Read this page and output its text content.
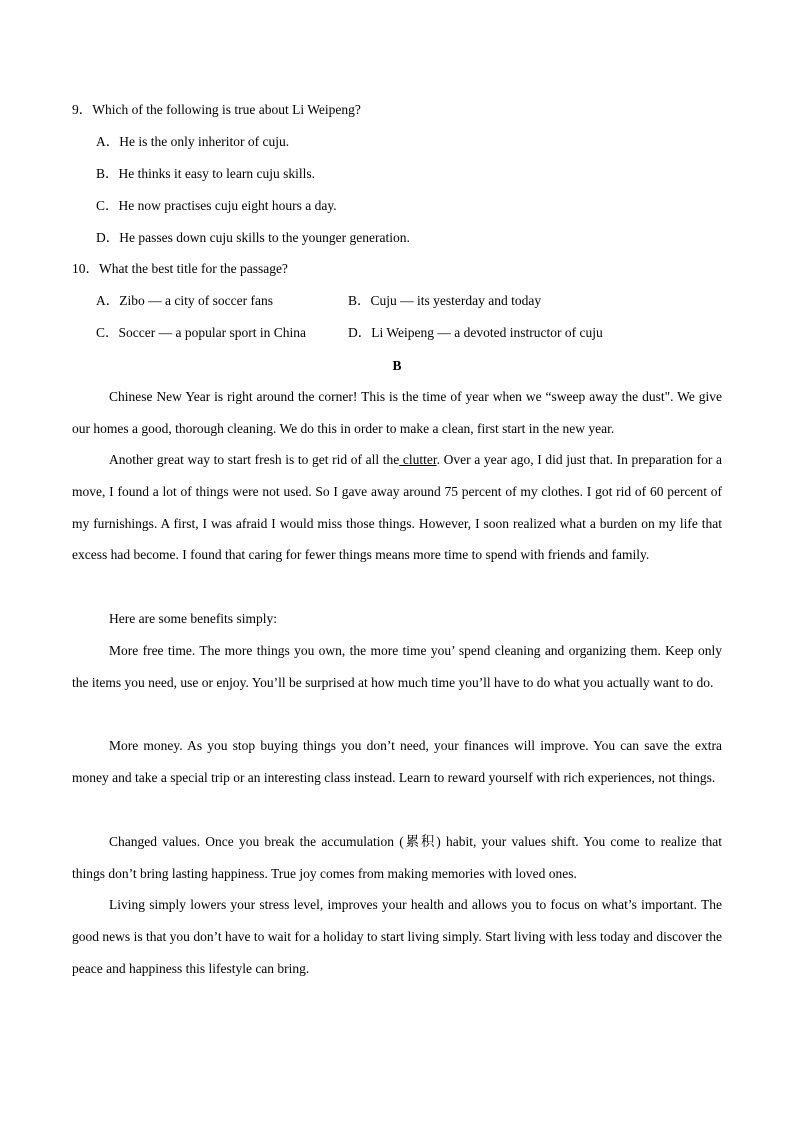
9．Which of the following is true about Li Weipeng?
A．He is the only inheritor of cuju.
B．He thinks it easy to learn cuju skills.
C．He now practises cuju eight hours a day.
D．He passes down cuju skills to the younger generation.
10．What the best title for the passage?
A．Zibo — a city of soccer fans	B．Cuju — its yesterday and today
C．Soccer — a popular sport in China	D．Li Weipeng — a devoted instructor of cuju
B

Chinese New Year is right around the corner! This is the time of year when we “sweep away the dust". We give our homes a good, thorough cleaning. We do this in order to make a clean, first start in the new year.

Another great way to start fresh is to get rid of all the clutter. Over a year ago, I did just that. In preparation for a move, I found a lot of things were not used. So I gave away around 75 percent of my clothes. I got rid of 60 percent of my furnishings. A first, I was afraid I would miss those things. However, I soon realized what a burden on my life that excess had become. I found that caring for fewer things means more time to spend with friends and family.

Here are some benefits simply:

More free time. The more things you own, the more time you’ spend cleaning and organizing them. Keep only the items you need, use or enjoy. You’ll be surprised at how much time you’ll have to do what you actually want to do.

More money. As you stop buying things you don’t need, your finances will improve. You can save the extra money and take a special trip or an interesting class instead. Learn to reward yourself with rich experiences, not things.

Changed values. Once you break the accumulation (累积) habit, your values shift. You come to realize that things don’t bring lasting happiness. True joy comes from making memories with loved ones.

Living simply lowers your stress level, improves your health and allows you to focus on what’s important. The good news is that you don’t have to wait for a holiday to start living simply. Start living with less today and discover the peace and happiness this lifestyle can bring.
